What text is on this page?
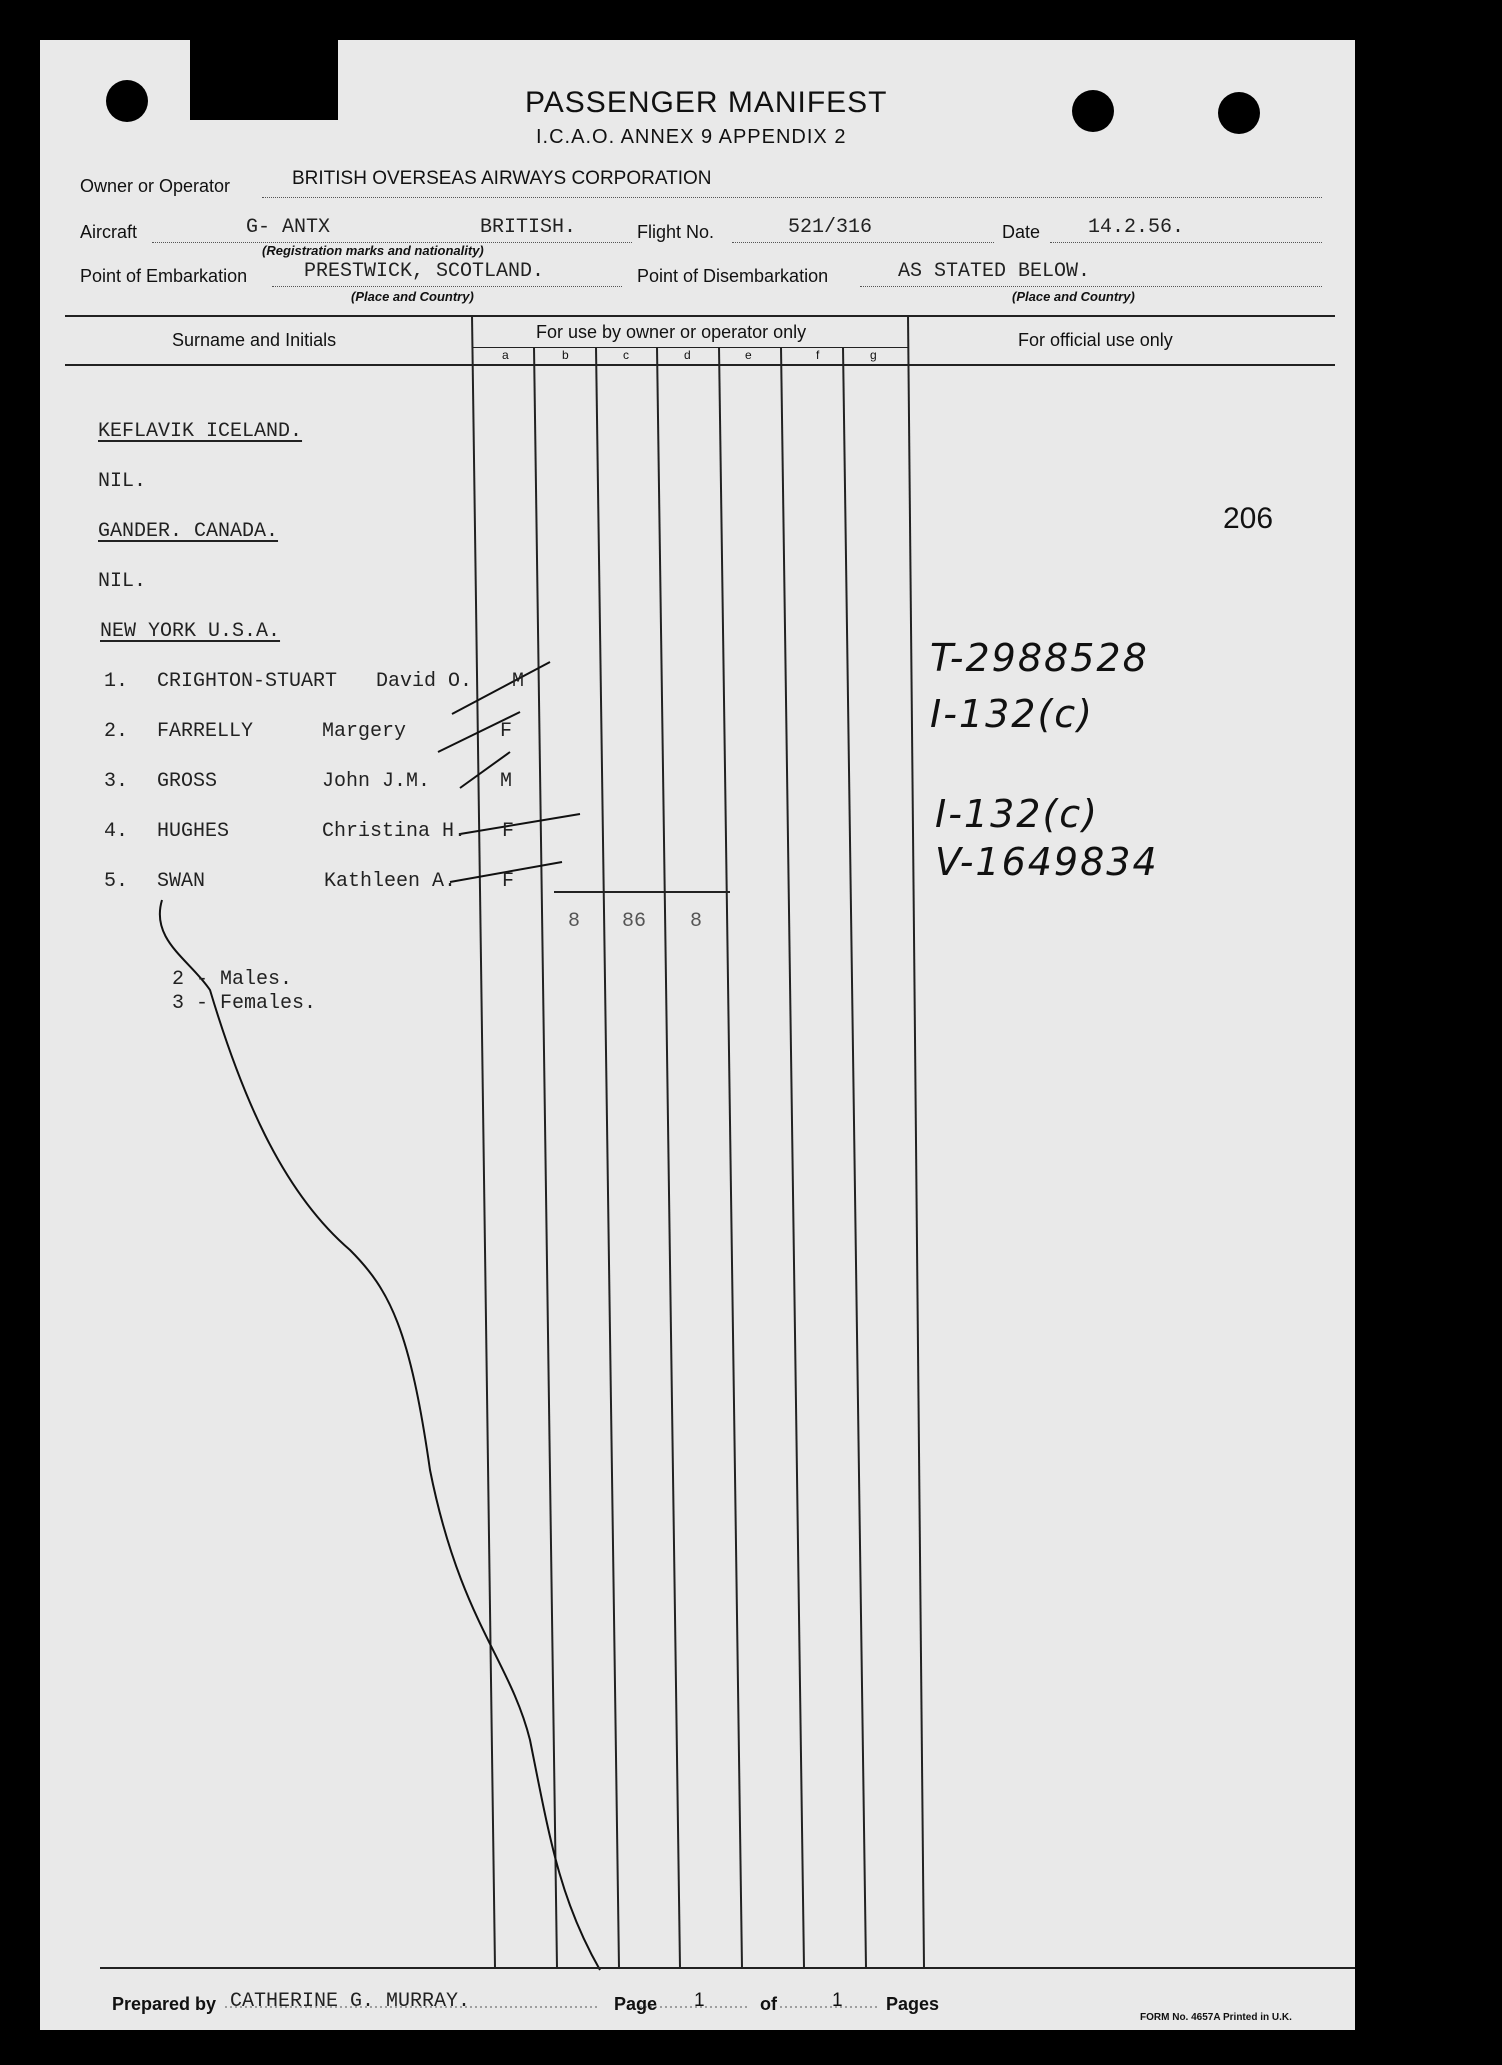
PASSENGER MANIFEST
I.C.A.O. ANNEX 9 APPENDIX 2
Owner or Operator	BRITISH OVERSEAS AIRWAYS CORPORATION
Aircraft	G- ANTX	BRITISH.
(Registration marks and nationality)
Flight No.	521/316	Date 14.2.56.
Point of Embarkation	PRESTWICK, SCOTLAND.
(Place and Country)
Point of Disembarkation	AS STATED BELOW.
(Place and Country)
Surname and Initials	For use by owner or operator only	For official use only
a	b	c	d	e	f	g
KEFLAVIK ICELAND.
NIL.
GANDER. CANADA.
NIL.
NEW YORK U.S.A.
1. CRIGHTON-STUART David O. M
2. FARRELLY	Margery	F
3. GROSS	John J.M.	M
4. HUGHES	Christina H. F
5. SWAN	Kathleen A. F
8 86 8
2 - Males.
3 - Females.
206
T-2988528
I-132(c)
I-132(c)
V-1649834
Prepared by CATHERINE G. MURRAY.	Page 1	of	1 Pages
FORM No. 4657A Printed in U.K.
